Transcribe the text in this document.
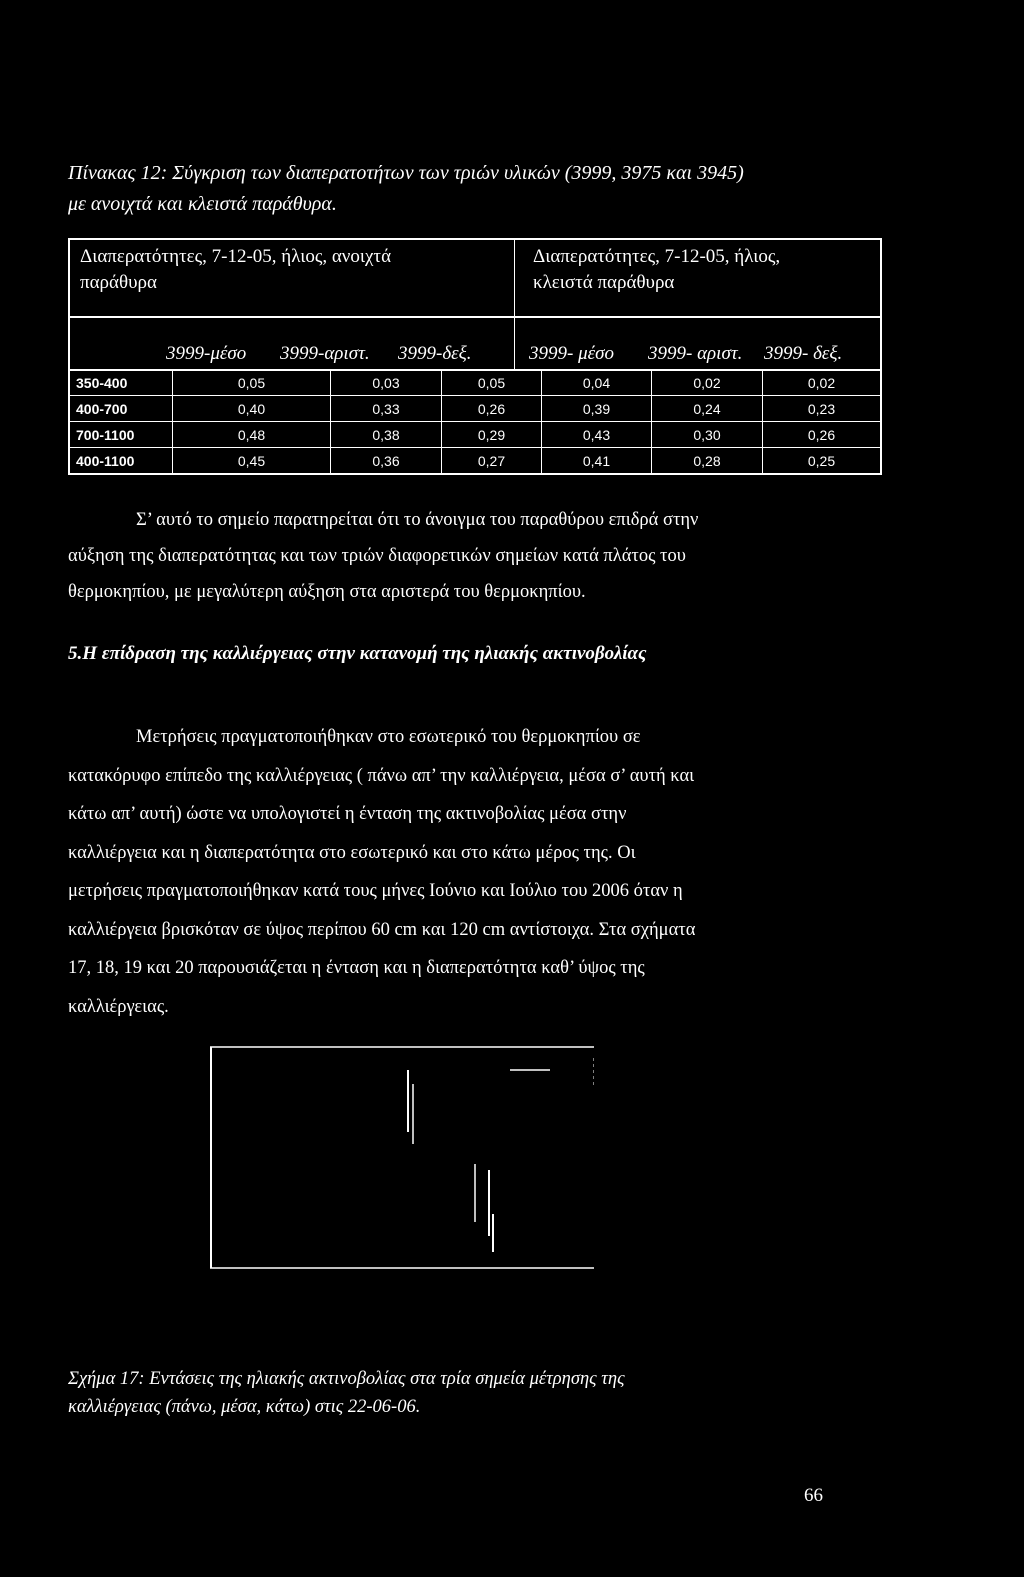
Πίνακας 12: Σύγκριση των διαπερατοτήτων των τριών υλικών (3999, 3975 και 3945)
με ανοιχτά και κλειστά παράθυρα.
Διαπερατότητες, 7-12-05, ήλιος, ανοιχτά
παράθυρα
Διαπερατότητες, 7-12-05, ήλιος,
κλειστά παράθυρα
3999-μέσο 3999-αριστ. 3999-δεξ.	3999- μέσο 3999- αριστ. 3999- δεξ.
350-400	0,05	0,03	0,05	0,04	0,02	0,02
400-700	0,40	0,33	0,26	0,39	0,24	0,23
700-1100	0,48	0,38	0,29	0,43	0,30	0,26
400-1100	0,45	0,36	0,27	0,41	0,28	0,25
Σ’ αυτό το σημείο παρατηρείται ότι το άνοιγμα του παραθύρου επιδρά στην
αύξηση της διαπερατότητας και των τριών διαφορετικών σημείων κατά πλάτος του
θερμοκηπίου, με μεγαλύτερη αύξηση στα αριστερά του θερμοκηπίου.
5.Η επίδραση της καλλιέργειας στην κατανομή της ηλιακής ακτινοβολίας
Μετρήσεις πραγματοποιήθηκαν στο εσωτερικό του θερμοκηπίου σε
κατακόρυφο επίπεδο της καλλιέργειας ( πάνω απ’ την καλλιέργεια, μέσα σ’ αυτή και
κάτω απ’ αυτή) ώστε να υπολογιστεί η ένταση της ακτινοβολίας μέσα στην
καλλιέργεια και η διαπερατότητα στο εσωτερικό και στο κάτω μέρος της. Οι
μετρήσεις πραγματοποιήθηκαν κατά τους μήνες Ιούνιο και Ιούλιο του 2006 όταν η
καλλιέργεια βρισκόταν σε ύψος περίπου 60 cm και 120 cm αντίστοιχα. Στα σχήματα
17, 18, 19 και 20 παρουσιάζεται η ένταση και η διαπερατότητα καθ’ ύψος της
καλλιέργειας.
Σχήμα 17: Εντάσεις της ηλιακής ακτινοβολίας στα τρία σημεία μέτρησης της
καλλιέργειας (πάνω, μέσα, κάτω) στις 22-06-06.
66
